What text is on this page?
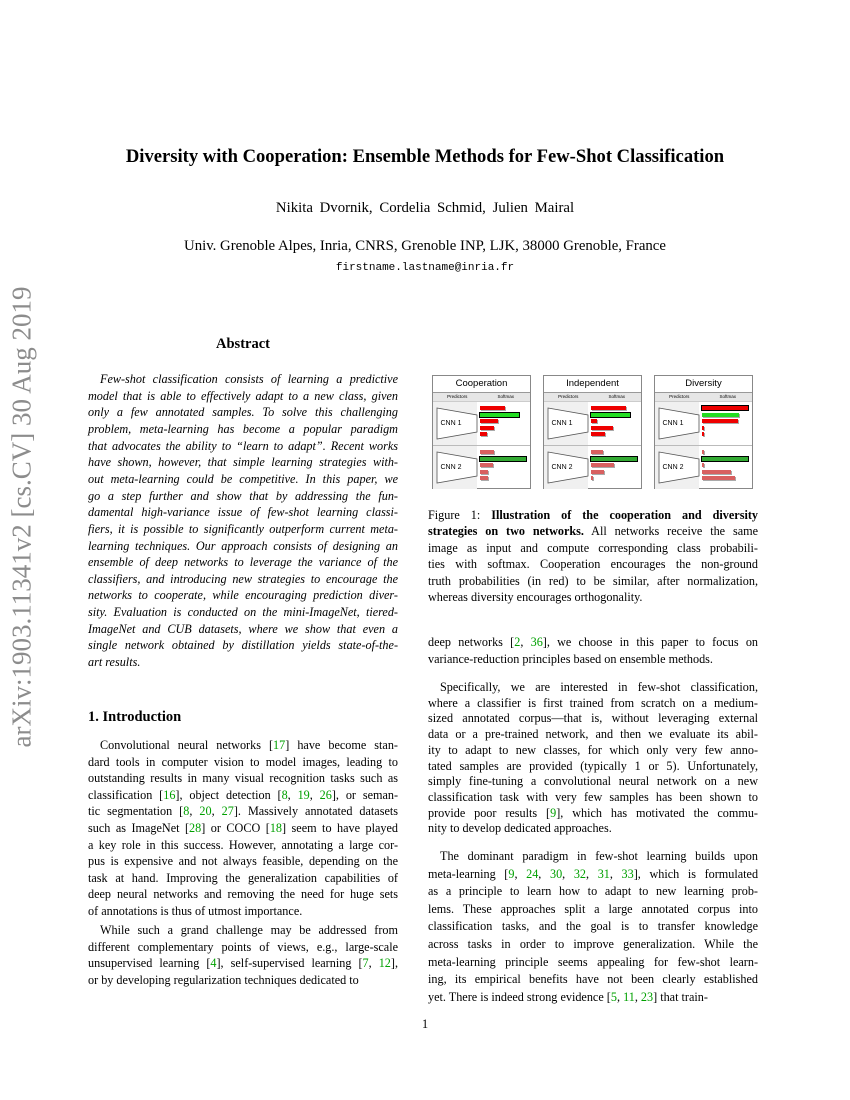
arXiv:1903.11341v2 [cs.CV] 30 Aug 2019
Diversity with Cooperation: Ensemble Methods for Few-Shot Classification
Nikita Dvornik, Cordelia Schmid, Julien Mairal
Univ. Grenoble Alpes, Inria, CNRS, Grenoble INP, LJK, 38000 Grenoble, France
firstname.lastname@inria.fr
Abstract
1. Introduction
Few-shot classification consists of learning a predictive
model that is able to effectively adapt to a new class, given
only a few annotated samples. To solve this challenging
problem, meta-learning has become a popular paradigm
that advocates the ability to “learn to adapt”. Recent works
have shown, however, that simple learning strategies with-
out meta-learning could be competitive. In this paper, we
go a step further and show that by addressing the fun-
damental high-variance issue of few-shot learning classi-
fiers, it is possible to significantly outperform current meta-
learning techniques. Our approach consists of designing an
ensemble of deep networks to leverage the variance of the
classifiers, and introducing new strategies to encourage the
networks to cooperate, while encouraging prediction diver-
sity. Evaluation is conducted on the mini-ImageNet, tiered-
ImageNet and CUB datasets, where we show that even a
single network obtained by distillation yields state-of-the-
art results.
Convolutional neural networks [17] have become stan-
dard tools in computer vision to model images, leading to
outstanding results in many visual recognition tasks such as
classification [16], object detection [8, 19, 26], or seman-
tic segmentation [8, 20, 27]. Massively annotated datasets
such as ImageNet [28] or COCO [18] seem to have played
a key role in this success. However, annotating a large cor-
pus is expensive and not always feasible, depending on the
task at hand. Improving the generalization capabilities of
deep neural networks and removing the need for huge sets
of annotations is thus of utmost importance.
While such a grand challenge may be addressed from
different complementary points of views, e.g., large-scale
unsupervised learning [4], self-supervised learning [7, 12],
or by developing regularization techniques dedicated to
deep networks [2, 36], we choose in this paper to focus on
variance-reduction principles based on ensemble methods.
Specifically, we are interested in few-shot classification,
where a classifier is first trained from scratch on a medium-
sized annotated corpus—that is, without leveraging external
data or a pre-trained network, and then we evaluate its abil-
ity to adapt to new classes, for which only very few anno-
tated samples are provided (typically 1 or 5). Unfortunately,
simply fine-tuning a convolutional neural network on a new
classification task with very few samples has been shown to
provide poor results [9], which has motivated the commu-
nity to develop dedicated approaches.
The dominant paradigm in few-shot learning builds upon
meta-learning [9, 24, 30, 32, 31, 33], which is formulated
as a principle to learn how to adapt to new learning prob-
lems. These approaches split a large annotated corpus into
classification tasks, and the goal is to transfer knowledge
across tasks in order to improve generalization. While the
meta-learning principle seems appealing for few-shot learn-
ing, its empirical benefits have not been clearly established
yet. There is indeed strong evidence [5, 11, 23] that train-
Figure 1: Illustration of the cooperation and diversity
strategies on two networks. All networks receive the same
image as input and compute corresponding class probabili-
ties with softmax. Cooperation encourages the non-ground
truth probabilities (in red) to be similar, after normalization,
whereas diversity encourages orthogonality.
Cooperation
Predictors	Softmax
CNN 1
CNN 2
Independent
Predictors	Softmax
CNN 1
CNN 2
Diversity
Predictors	Softmax
CNN 1
CNN 2
1
